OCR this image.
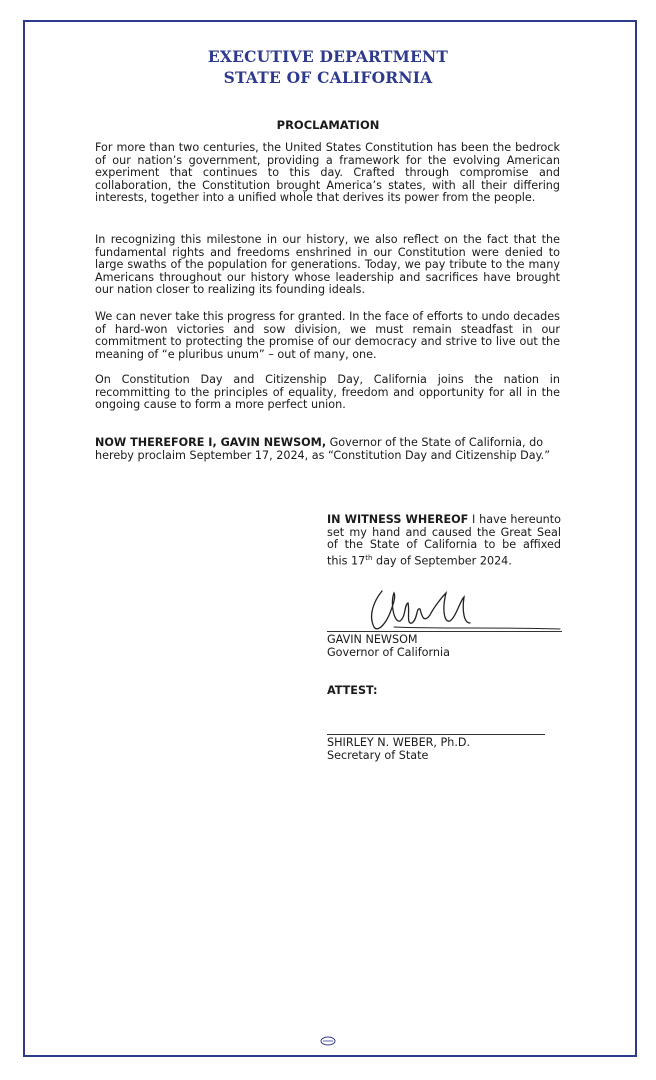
EXECUTIVE DEPARTMENT
STATE OF CALIFORNIA
PROCLAMATION
For more than two centuries, the United States Constitution has been the bedrock of our nation’s government, providing a framework for the evolving American experiment that continues to this day. Crafted through compromise and collaboration, the Constitution brought America’s states, with all their differing interests, together into a unified whole that derives its power from the people.
In recognizing this milestone in our history, we also reflect on the fact that the fundamental rights and freedoms enshrined in our Constitution were denied to large swaths of the population for generations. Today, we pay tribute to the many Americans throughout our history whose leadership and sacrifices have brought our nation closer to realizing its founding ideals.
We can never take this progress for granted. In the face of efforts to undo decades of hard-won victories and sow division, we must remain steadfast in our commitment to protecting the promise of our democracy and strive to live out the meaning of “e pluribus unum” – out of many, one.
On Constitution Day and Citizenship Day, California joins the nation in recommitting to the principles of equality, freedom and opportunity for all in the ongoing cause to form a more perfect union.
NOW THEREFORE I, GAVIN NEWSOM, Governor of the State of California, do hereby proclaim September 17, 2024, as “Constitution Day and Citizenship Day.”
IN WITNESS WHEREOF I have hereunto set my hand and caused the Great Seal of the State of California to be affixed this 17th day of September 2024.
GAVIN NEWSOM
Governor of California
ATTEST:
SHIRLEY N. WEBER, Ph.D.
Secretary of State
